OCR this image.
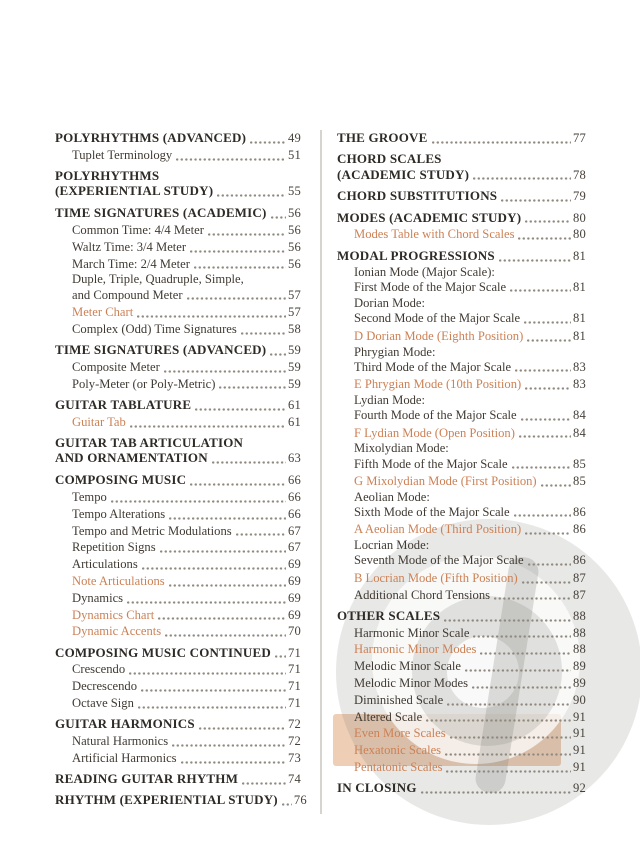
POLYRHYTHMS (ADVANCED)	49
Tuplet Terminology	51
POLYRHYTHMS
(EXPERIENTIAL STUDY)	55
TIME SIGNATURES (ACADEMIC) 56
Common Time: 4/4 Meter	56
Waltz Time: 3/4 Meter	56
March Time: 2/4 Meter	56
Duple, Triple, Quadruple, Simple,
and Compound Meter	57
Meter Chart	57
Complex (Odd) Time Signatures	58
TIME SIGNATURES (ADVANCED) 59
Composite Meter	59
Poly-Meter (or Poly-Metric)	59
GUITAR TABLATURE	61
Guitar Tab	61
GUITAR TAB ARTICULATION
AND ORNAMENTATION	63
COMPOSING MUSIC	66
Tempo	66
Tempo Alterations	66
Tempo and Metric Modulations	67
Repetition Signs	67
Articulations	69
Note Articulations	69
Dynamics	69
Dynamics Chart	69
Dynamic Accents	70
COMPOSING MUSIC CONTINUED 71
Crescendo	71
Decrescendo	71
Octave Sign	71
GUITAR HARMONICS	72
Natural Harmonics	72
Artificial Harmonics	73
READING GUITAR RHYTHM	74
RHYTHM (EXPERIENTIAL STUDY) 76
THE GROOVE	77
CHORD SCALES
(ACADEMIC STUDY)	78
CHORD SUBSTITUTIONS	79
MODES (ACADEMIC STUDY)	80
Modes Table with Chord Scales	80
MODAL PROGRESSIONS	81
Ionian Mode (Major Scale):
First Mode of the Major Scale	81
Dorian Mode:
Second Mode of the Major Scale	81
D Dorian Mode (Eighth Position)	81
Phrygian Mode:
Third Mode of the Major Scale	83
E Phrygian Mode (10th Position)	83
Lydian Mode:
Fourth Mode of the Major Scale	84
F Lydian Mode (Open Position)	84
Mixolydian Mode:
Fifth Mode of the Major Scale	85
G Mixolydian Mode (First Position)	85
Aeolian Mode:
Sixth Mode of the Major Scale	86
A Aeolian Mode (Third Position)	86
Locrian Mode:
Seventh Mode of the Major Scale	86
B Locrian Mode (Fifth Position)	87
Additional Chord Tensions	87
OTHER SCALES	88
Harmonic Minor Scale	88
Harmonic Minor Modes	88
Melodic Minor Scale	89
Melodic Minor Modes	89
Diminished Scale	90
Altered Scale	91
Even More Scales	91
Hexatonic Scales	91
Pentatonic Scales	91
IN CLOSING	92
